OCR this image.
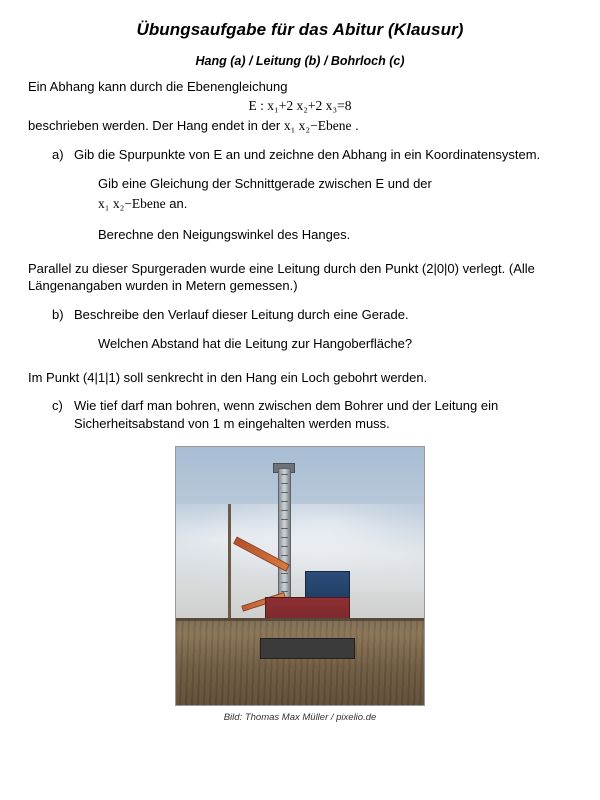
Übungsaufgabe für das Abitur (Klausur)
Hang (a) / Leitung (b) / Bohrloch (c)

Ein Abhang kann durch die Ebenengleichung

E : x₁+2 x₂+2 x₃=8

beschrieben werden. Der Hang endet in der x₁ x₂−Ebene .

a) Gib die Spurpunkte von E an und zeichne den Abhang in ein Koordinatensystem.
Gib eine Gleichung der Schnittgerade zwischen E und der
x₁ x₂−Ebene an.
Berechne den Neigungswinkel des Hanges.

Parallel zu dieser Spurgeraden wurde eine Leitung durch den Punkt (2|0|0) verlegt. (Alle Längenangaben wurden in Metern gemessen.)

b) Beschreibe den Verlauf dieser Leitung durch eine Gerade.
Welchen Abstand hat die Leitung zur Hangoberfläche?

Im Punkt (4|1|1) soll senkrecht in den Hang ein Loch gebohrt werden.

c) Wie tief darf man bohren, wenn zwischen dem Bohrer und der Leitung ein Sicherheitsabstand von 1 m eingehalten werden muss.
Bild: Thomas Max Müller / pixelio.de
